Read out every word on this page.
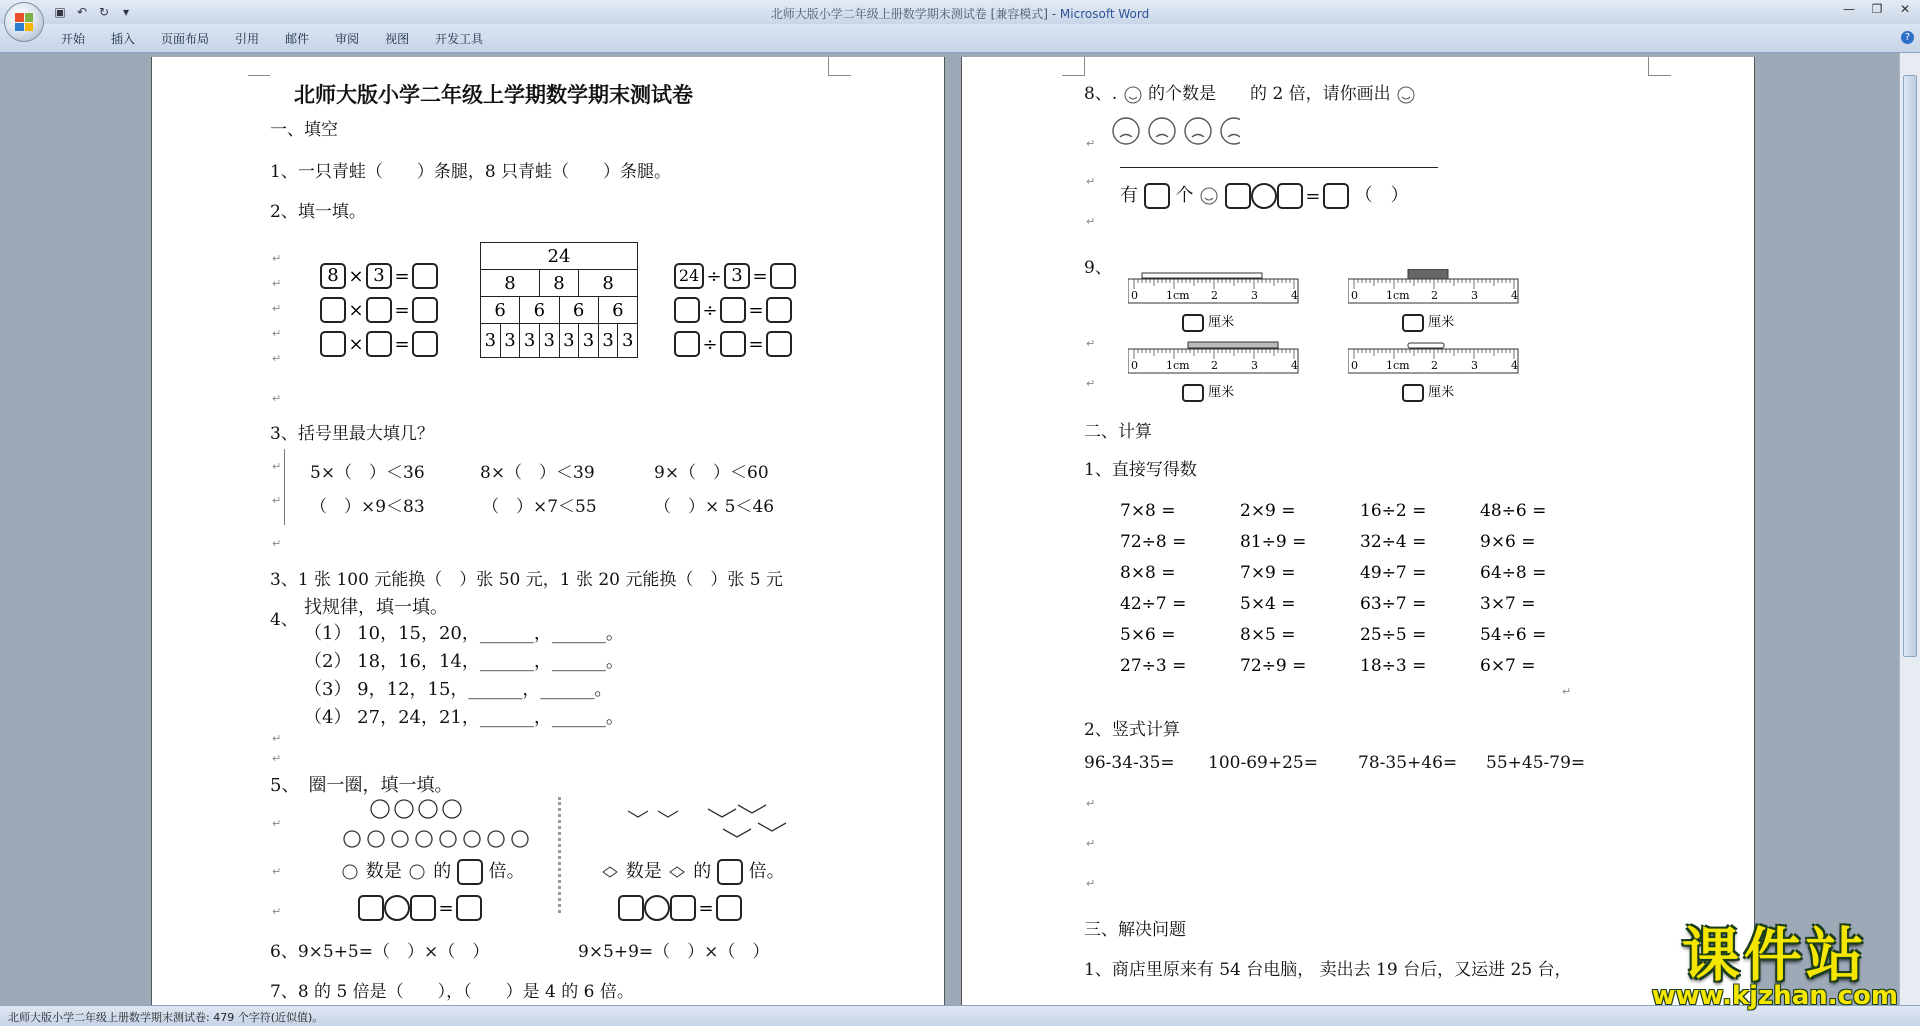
▣ ↶ ↻	▾	北师大版小学二年级上册数学期末测试卷 [兼容模式] - Microsoft Word	—	❐	✕
开始	插入	页面布局	引用	邮件	审阅	视图	开发工具	?
北师大版小学二年级上学期数学期末测试卷
一、填空
1、一只青蛙（　　）条腿，8 只青蛙（　　）条腿。
2、填一填。
8 × 3 =
× =
× =
24							
8			8		8		
6		6		6		6	
3	3	3	3	3	3	3	3
24 ÷ 3 =
÷ =
÷ =
↵
↵
↵
↵
↵
↵
3、括号里最大填几？
5×（　）＜36	8×（　）＜39	9×（　）＜60
（　）×9＜83	（　）×7＜55	（　）× 5＜46
↵
↵
↵
3、1 张 100 元能换（　）张 50 元，1 张 20 元能换（　）张 5 元
4、
找规律，填一填。
（1） 10，15，20，______，______。
（2） 18，16，14，______，______。
（3） 9，12，15，______，______。
（4） 27，24，21，______，______。
↵
↵
5、　圈一圈，填一填。
数是 的 倍。
=
数是 的 倍。
=
↵
↵
↵
6、9×5+5=（　）×（　）	9×5+9=（　）×（　）
7、8 的 5 倍是（　　），（　　）是 4 的 6 倍。
8、. 的个数是　　的 2 倍，请你画出
有 个	= （　）
↵
↵
↵
9、
0	1cm 2	3	4
厘米
0	1cm 2	3	4
厘米
0	1cm 2	3	4
厘米
0	1cm 2	3	4
厘米
↵
↵
二、计算
1、直接写得数
7×8 =	2×9 =	16÷2 =	48÷6 =
72÷8 =	81÷9 =	32÷4 =	9×6 =
8×8 =	7×9 =	49÷7 =	64÷8 =
42÷7 =	5×4 =	63÷7 =	3×7 =
5×6 =	8×5 =	25÷5 =	54÷6 =
27÷3 =	72÷9 =	18÷3 =	6×7 =
↵
2、竖式计算
96-34-35= 100-69+25= 78-35+46= 55+45-79=
↵
↵
↵
三、解决问题
1、商店里原来有 54 台电脑， 卖出去 19 台后，又运进 25 台，
北师大版小学二年级上册数学期末测试卷: 479 个字符(近似值)。
课件站
www.kjzhan.com
